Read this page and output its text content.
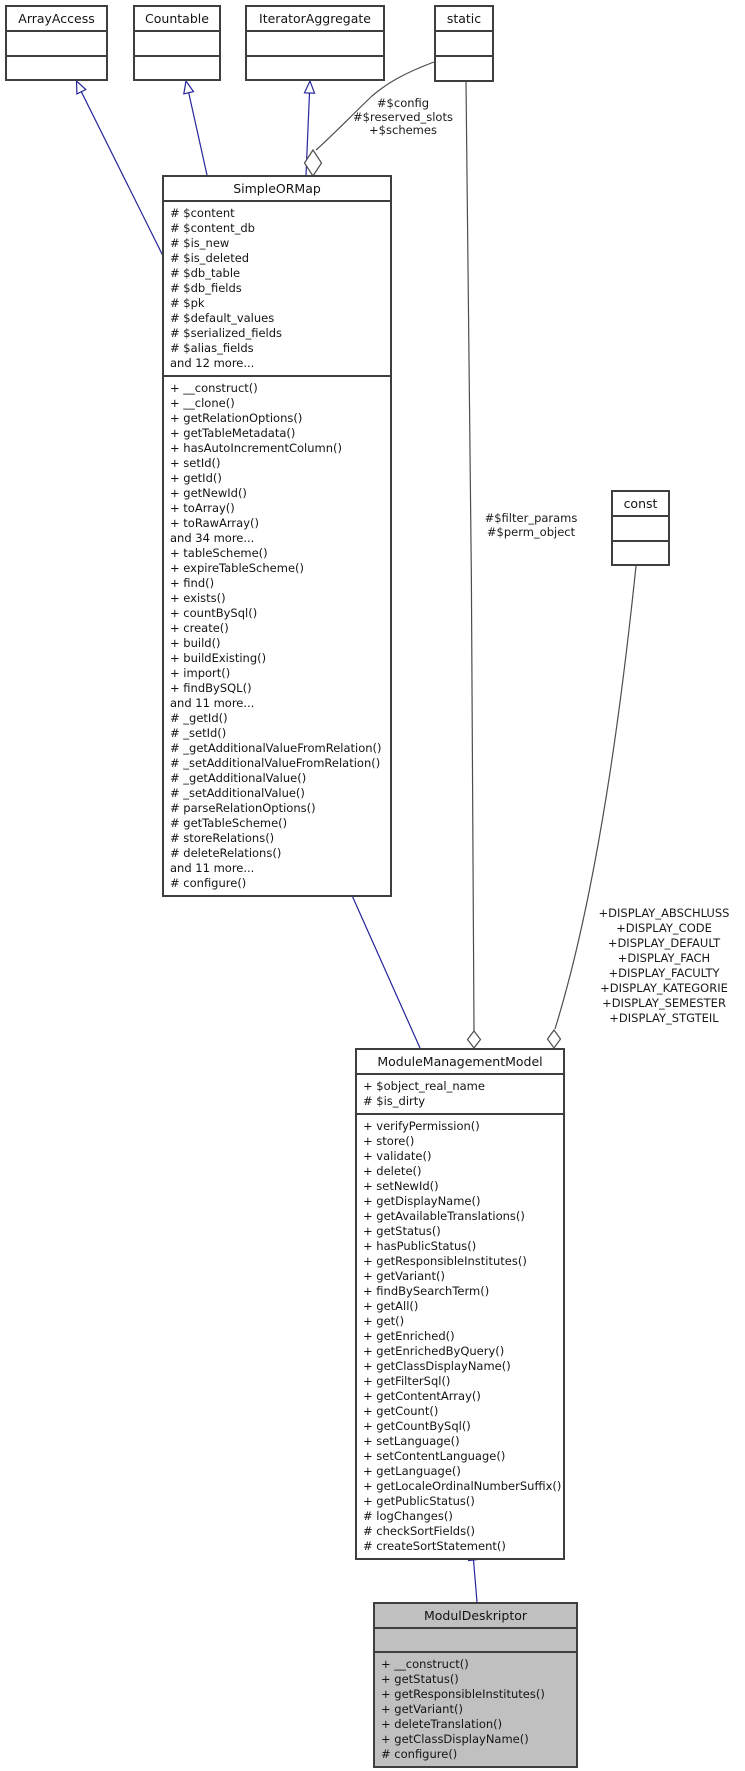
ArrayAccess	Countable	IteratorAggregate	static
const
SimpleORMap
# $content
# $content_db
# $is_new
# $is_deleted
# $db_table
# $db_fields
# $pk
# $default_values
# $serialized_fields
# $alias_fields
and 12 more...
+ __construct()
+ __clone()
+ getRelationOptions()
+ getTableMetadata()
+ hasAutoIncrementColumn()
+ setId()
+ getId()
+ getNewId()
+ toArray()
+ toRawArray()
and 34 more...
+ tableScheme()
+ expireTableScheme()
+ find()
+ exists()
+ countBySql()
+ create()
+ build()
+ buildExisting()
+ import()
+ findBySQL()
and 11 more...
# _getId()
# _setId()
# _getAdditionalValueFromRelation()
# _setAdditionalValueFromRelation()
# _getAdditionalValue()
# _setAdditionalValue()
# parseRelationOptions()
# getTableScheme()
# storeRelations()
# deleteRelations()
and 11 more...
# configure()
ModuleManagementModel
+ $object_real_name
# $is_dirty
+ verifyPermission()
+ store()
+ validate()
+ delete()
+ setNewId()
+ getDisplayName()
+ getAvailableTranslations()
+ getStatus()
+ hasPublicStatus()
+ getResponsibleInstitutes()
+ getVariant()
+ findBySearchTerm()
+ getAll()
+ get()
+ getEnriched()
+ getEnrichedByQuery()
+ getClassDisplayName()
+ getFilterSql()
+ getContentArray()
+ getCount()
+ getCountBySql()
+ setLanguage()
+ setContentLanguage()
+ getLanguage()
+ getLocaleOrdinalNumberSuffix()
+ getPublicStatus()
# logChanges()
# checkSortFields()
# createSortStatement()
ModulDeskriptor
+ __construct()
+ getStatus()
+ getResponsibleInstitutes()
+ getVariant()
+ deleteTranslation()
+ getClassDisplayName()
# configure()
#$config
#$reserved_slots
+$schemes
#$filter_params
#$perm_object
+DISPLAY_ABSCHLUSS
+DISPLAY_CODE
+DISPLAY_DEFAULT
+DISPLAY_FACH
+DISPLAY_FACULTY
+DISPLAY_KATEGORIE
+DISPLAY_SEMESTER
+DISPLAY_STGTEIL
